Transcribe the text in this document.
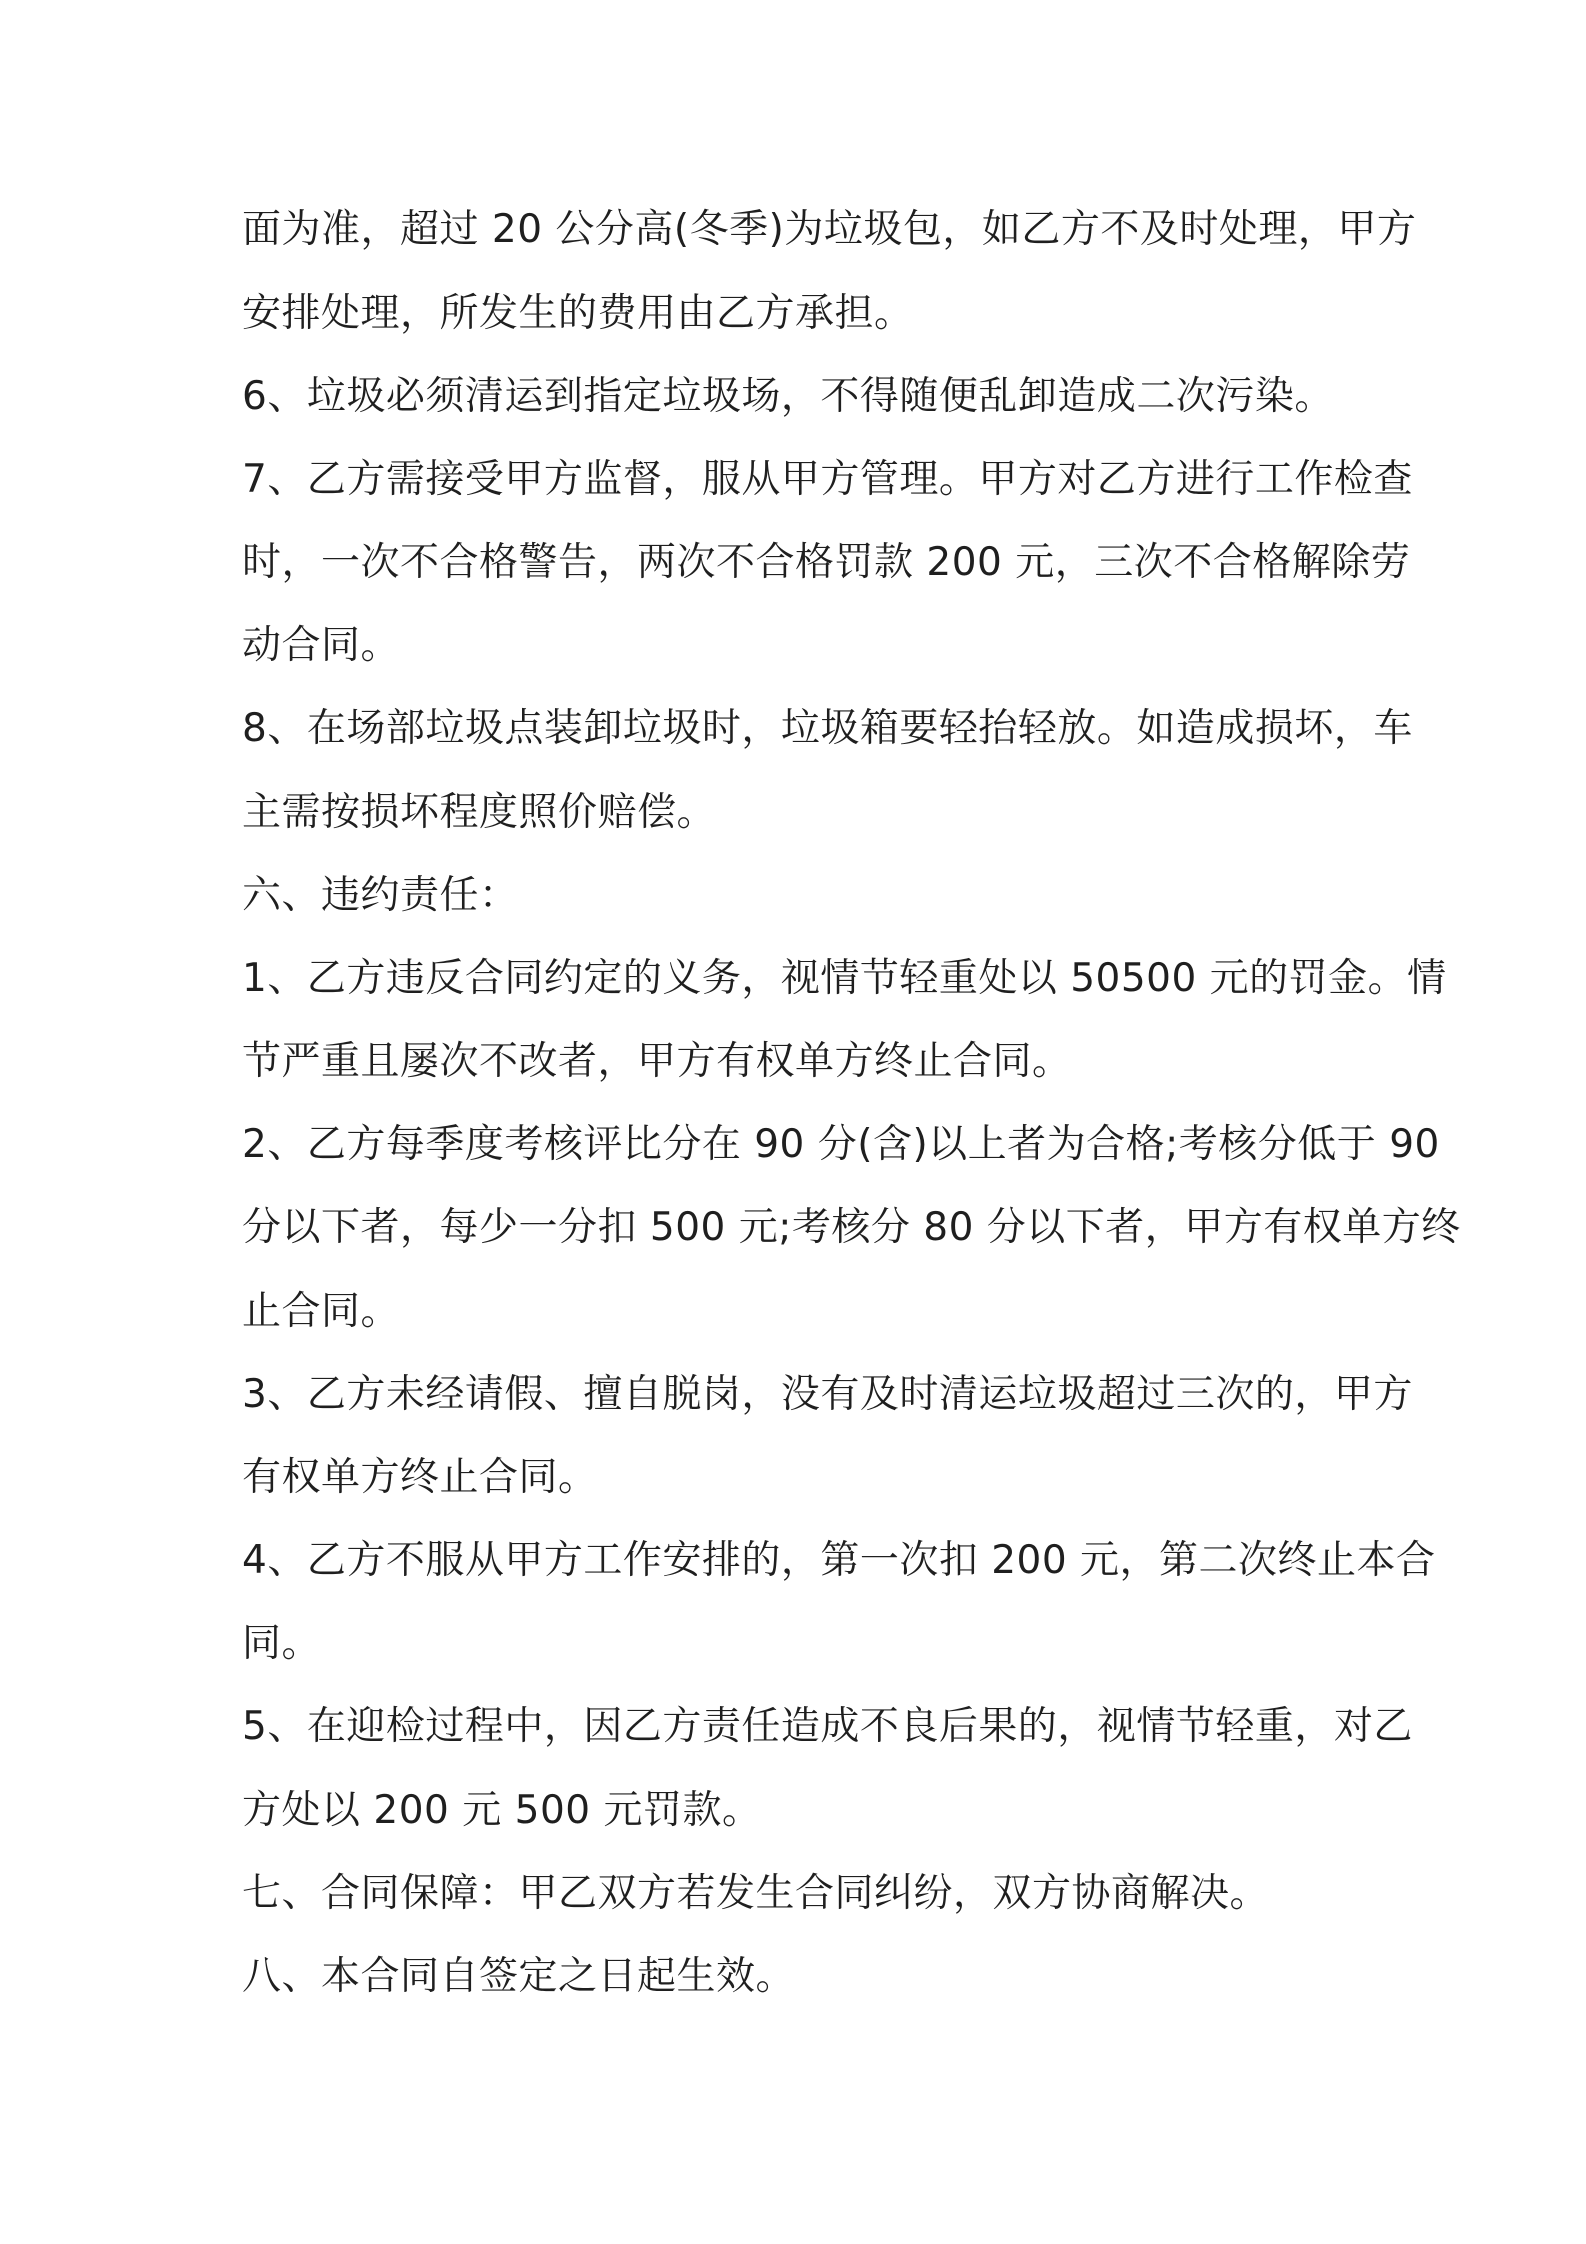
面为准，超过 20 公分高(冬季)为垃圾包，如乙方不及时处理，甲方
安排处理，所发生的费用由乙方承担。
6、垃圾必须清运到指定垃圾场，不得随便乱卸造成二次污染。
7、乙方需接受甲方监督，服从甲方管理。甲方对乙方进行工作检查
时，一次不合格警告，两次不合格罚款 200 元，三次不合格解除劳
动合同。
8、在场部垃圾点装卸垃圾时，垃圾箱要轻抬轻放。如造成损坏，车
主需按损坏程度照价赔偿。
六、违约责任：
1、乙方违反合同约定的义务，视情节轻重处以 50500 元的罚金。情
节严重且屡次不改者，甲方有权单方终止合同。
2、乙方每季度考核评比分在 90 分(含)以上者为合格;考核分低于 90
分以下者，每少一分扣 500 元;考核分 80 分以下者，甲方有权单方终
止合同。
3、乙方未经请假、擅自脱岗，没有及时清运垃圾超过三次的，甲方
有权单方终止合同。
4、乙方不服从甲方工作安排的，第一次扣 200 元，第二次终止本合
同。
5、在迎检过程中，因乙方责任造成不良后果的，视情节轻重，对乙
方处以 200 元 500 元罚款。
七、合同保障：甲乙双方若发生合同纠纷，双方协商解决。
八、本合同自签定之日起生效。
